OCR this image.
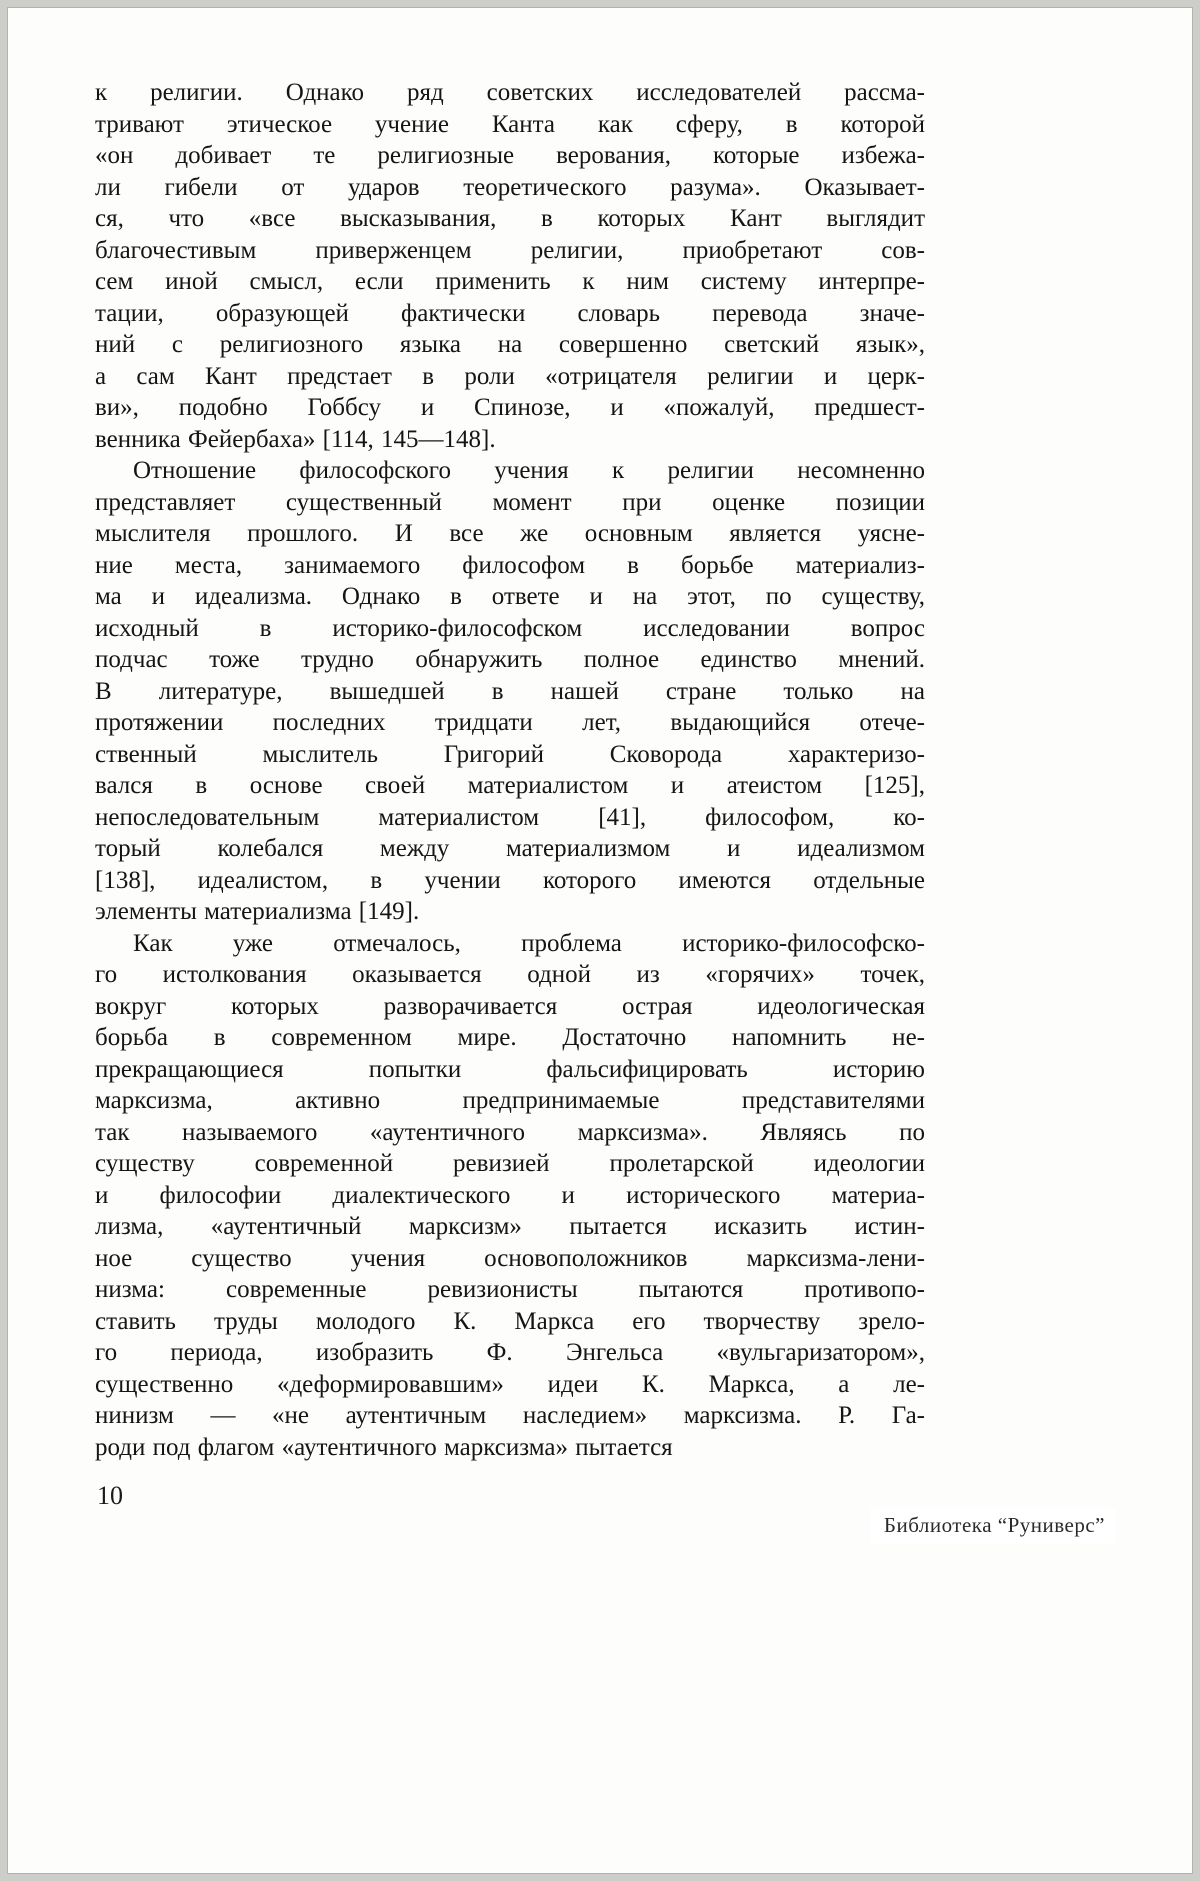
к религии. Однако ряд советских исследователей рассма-
тривают этическое учение Канта как сферу, в которой
«он добивает те религиозные верования, которые избежа-
ли гибели от ударов теоретического разума». Оказывает-
ся, что «все высказывания, в которых Кант выглядит
благочестивым приверженцем религии, приобретают сов-
сем иной смысл, если применить к ним систему интерпре-
тации, образующей фактически словарь перевода значе-
ний с религиозного языка на совершенно светский язык»,
а сам Кант предстает в роли «отрицателя религии и церк-
ви», подобно Гоббсу и Спинозе, и «пожалуй, предшест-
венника Фейербаха» [114, 145—148].
Отношение философского учения к религии несомненно
представляет существенный момент при оценке позиции
мыслителя прошлого. И все же основным является уясне-
ние места, занимаемого философом в борьбе материализ-
ма и идеализма. Однако в ответе и на этот, по существу,
исходный в историко-философском исследовании вопрос
подчас тоже трудно обнаружить полное единство мнений.
В литературе, вышедшей в нашей стране только на
протяжении последних тридцати лет, выдающийся отече-
ственный мыслитель Григорий Сковорода характеризо-
вался в основе своей материалистом и атеистом [125],
непоследовательным материалистом [41], философом, ко-
торый колебался между материализмом и идеализмом
[138], идеалистом, в учении которого имеются отдельные
элементы материализма [149].
Как уже отмечалось, проблема историко-философско-
го истолкования оказывается одной из «горячих» точек,
вокруг которых разворачивается острая идеологическая
борьба в современном мире. Достаточно напомнить не-
прекращающиеся попытки фальсифицировать историю
марксизма, активно предпринимаемые представителями
так называемого «аутентичного марксизма». Являясь по
существу современной ревизией пролетарской идеологии
и философии диалектического и исторического материа-
лизма, «аутентичный марксизм» пытается исказить истин-
ное существо учения основоположников марксизма-лени-
низма: современные ревизионисты пытаются противопо-
ставить труды молодого К. Маркса его творчеству зрело-
го периода, изобразить Ф. Энгельса «вульгаризатором»,
существенно «деформировавшим» идеи К. Маркса, а ле-
нинизм — «не аутентичным наследием» марксизма. Р. Га-
роди под флагом «аутентичного марксизма» пытается
10
Библиотека “Руниверс”
